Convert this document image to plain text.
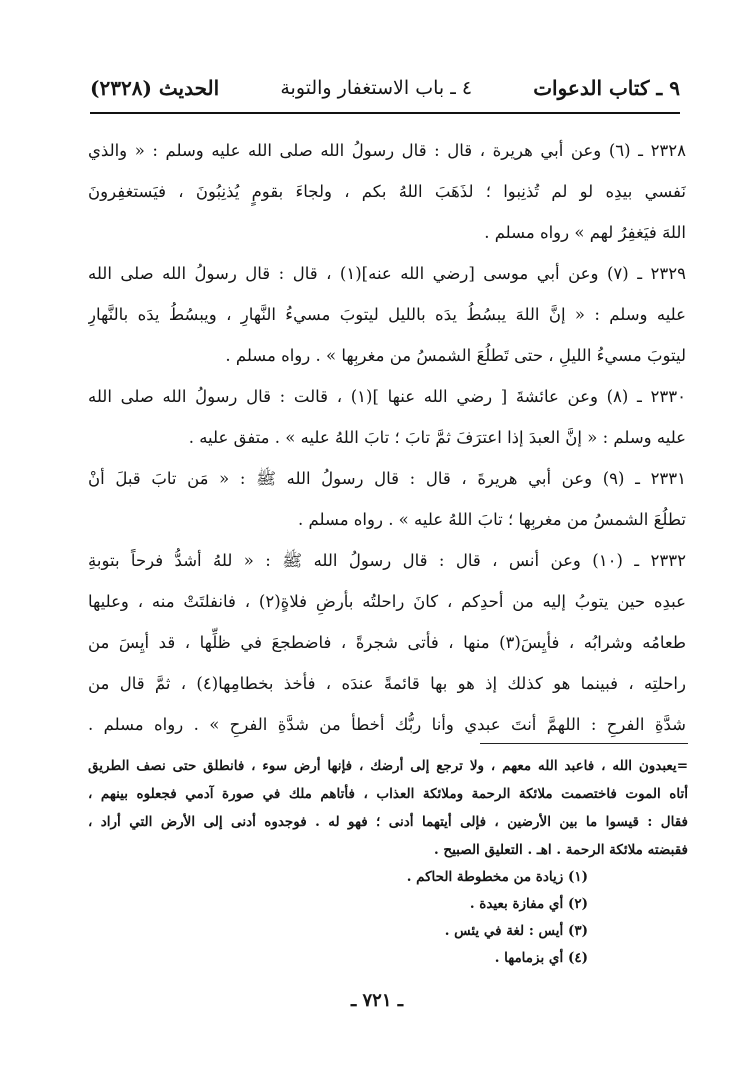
٩ ـ كتاب الدعوات
٤ ـ باب الاستغفار والتوبة
الحديث (٢٣٢٨)
٢٣٢٨ ـ (٦) وعن أبي هريرة ، قال : قال رسولُ الله صلى الله عليه وسلم : « والذي
نَفسي بيدِه لو لم تُذنِبوا ؛ لذَهَبَ اللهُ بكم ، ولجاءَ بقومٍ يُذنِبُونَ ، فيَستغفِرونَ
اللهَ فيَغفِرُ لهم » رواه مسلم .
٢٣٢٩ ـ (٧) وعن أبي موسى [رضي الله عنه](١) ، قال : قال رسولُ الله صلى الله
عليه وسلم : « إنَّ اللهَ يبسُطُ يدَه بالليل ليتوبَ مسيءُ النَّهارِ ، ويبسُطُ يدَه بالنَّهارِ
ليتوبَ مسيءُ الليلِ ، حتى تَطلُعَ الشمسُ من مغربِها » . رواه مسلم .
٢٣٣٠ ـ (٨) وعن عائشةَ [ رضي الله عنها ](١) ، قالت : قال رسولُ الله صلى الله
عليه وسلم : « إنَّ العبدَ إذا اعترَفَ ثمَّ تابَ ؛ تابَ اللهُ عليه » . متفق عليه .
٢٣٣١ ـ (٩) وعن أبي هريرةَ ، قال : قال رسولُ الله ﷺ : « مَن تابَ قبلَ أنْ
تطلُعَ الشمسُ من مغربِها ؛ تابَ اللهُ عليه » . رواه مسلم .
٢٣٣٢ ـ (١٠) وعن أنس ، قال : قال رسولُ الله ﷺ : « للهُ أشدُّ فرحاً بتوبةِ
عبدِه حين يتوبُ إليه من أحدِكم ، كانَ راحلتُه بأرضِ فلاةٍ(٢) ، فانفلتَتْ منه ، وعليها
طعامُه وشرابُه ، فأيِسَ(٣) منها ، فأتى شجرةً ، فاضطجعَ في ظلِّها ، قد أيِسَ من
راحلتِه ، فبينما هو كذلك إذ هو بها قائمةً عندَه ، فأخذ بخطامِها(٤) ، ثمَّ قال من
شدَّةِ الفرحِ : اللهمَّ أنتَ عبدي وأنا ربُّك أخطأ من شدَّةِ الفرحِ » . رواه مسلم .
=يعبدون الله ، فاعبد الله معهم ، ولا ترجع إلى أرضك ، فإنها أرض سوء ، فانطلق حتى نصف الطريق
أتاه الموت فاختصمت ملائكة الرحمة وملائكة العذاب ، فأتاهم ملك في صورة آدمي فجعلوه بينهم ،
فقال : قيسوا ما بين الأرضين ، فإلى أيتهما أدنى ؛ فهو له . فوجدوه أدنى إلى الأرض التي أراد ،
فقبضته ملائكة الرحمة . اهـ . التعليق الصبيح .
(١) زيادة من مخطوطة الحاكم .
(٢) أي مفازة بعيدة .
(٣) أيس : لغة في يئس .
(٤) أي بزمامها .
ـ ٧٢١ ـ
